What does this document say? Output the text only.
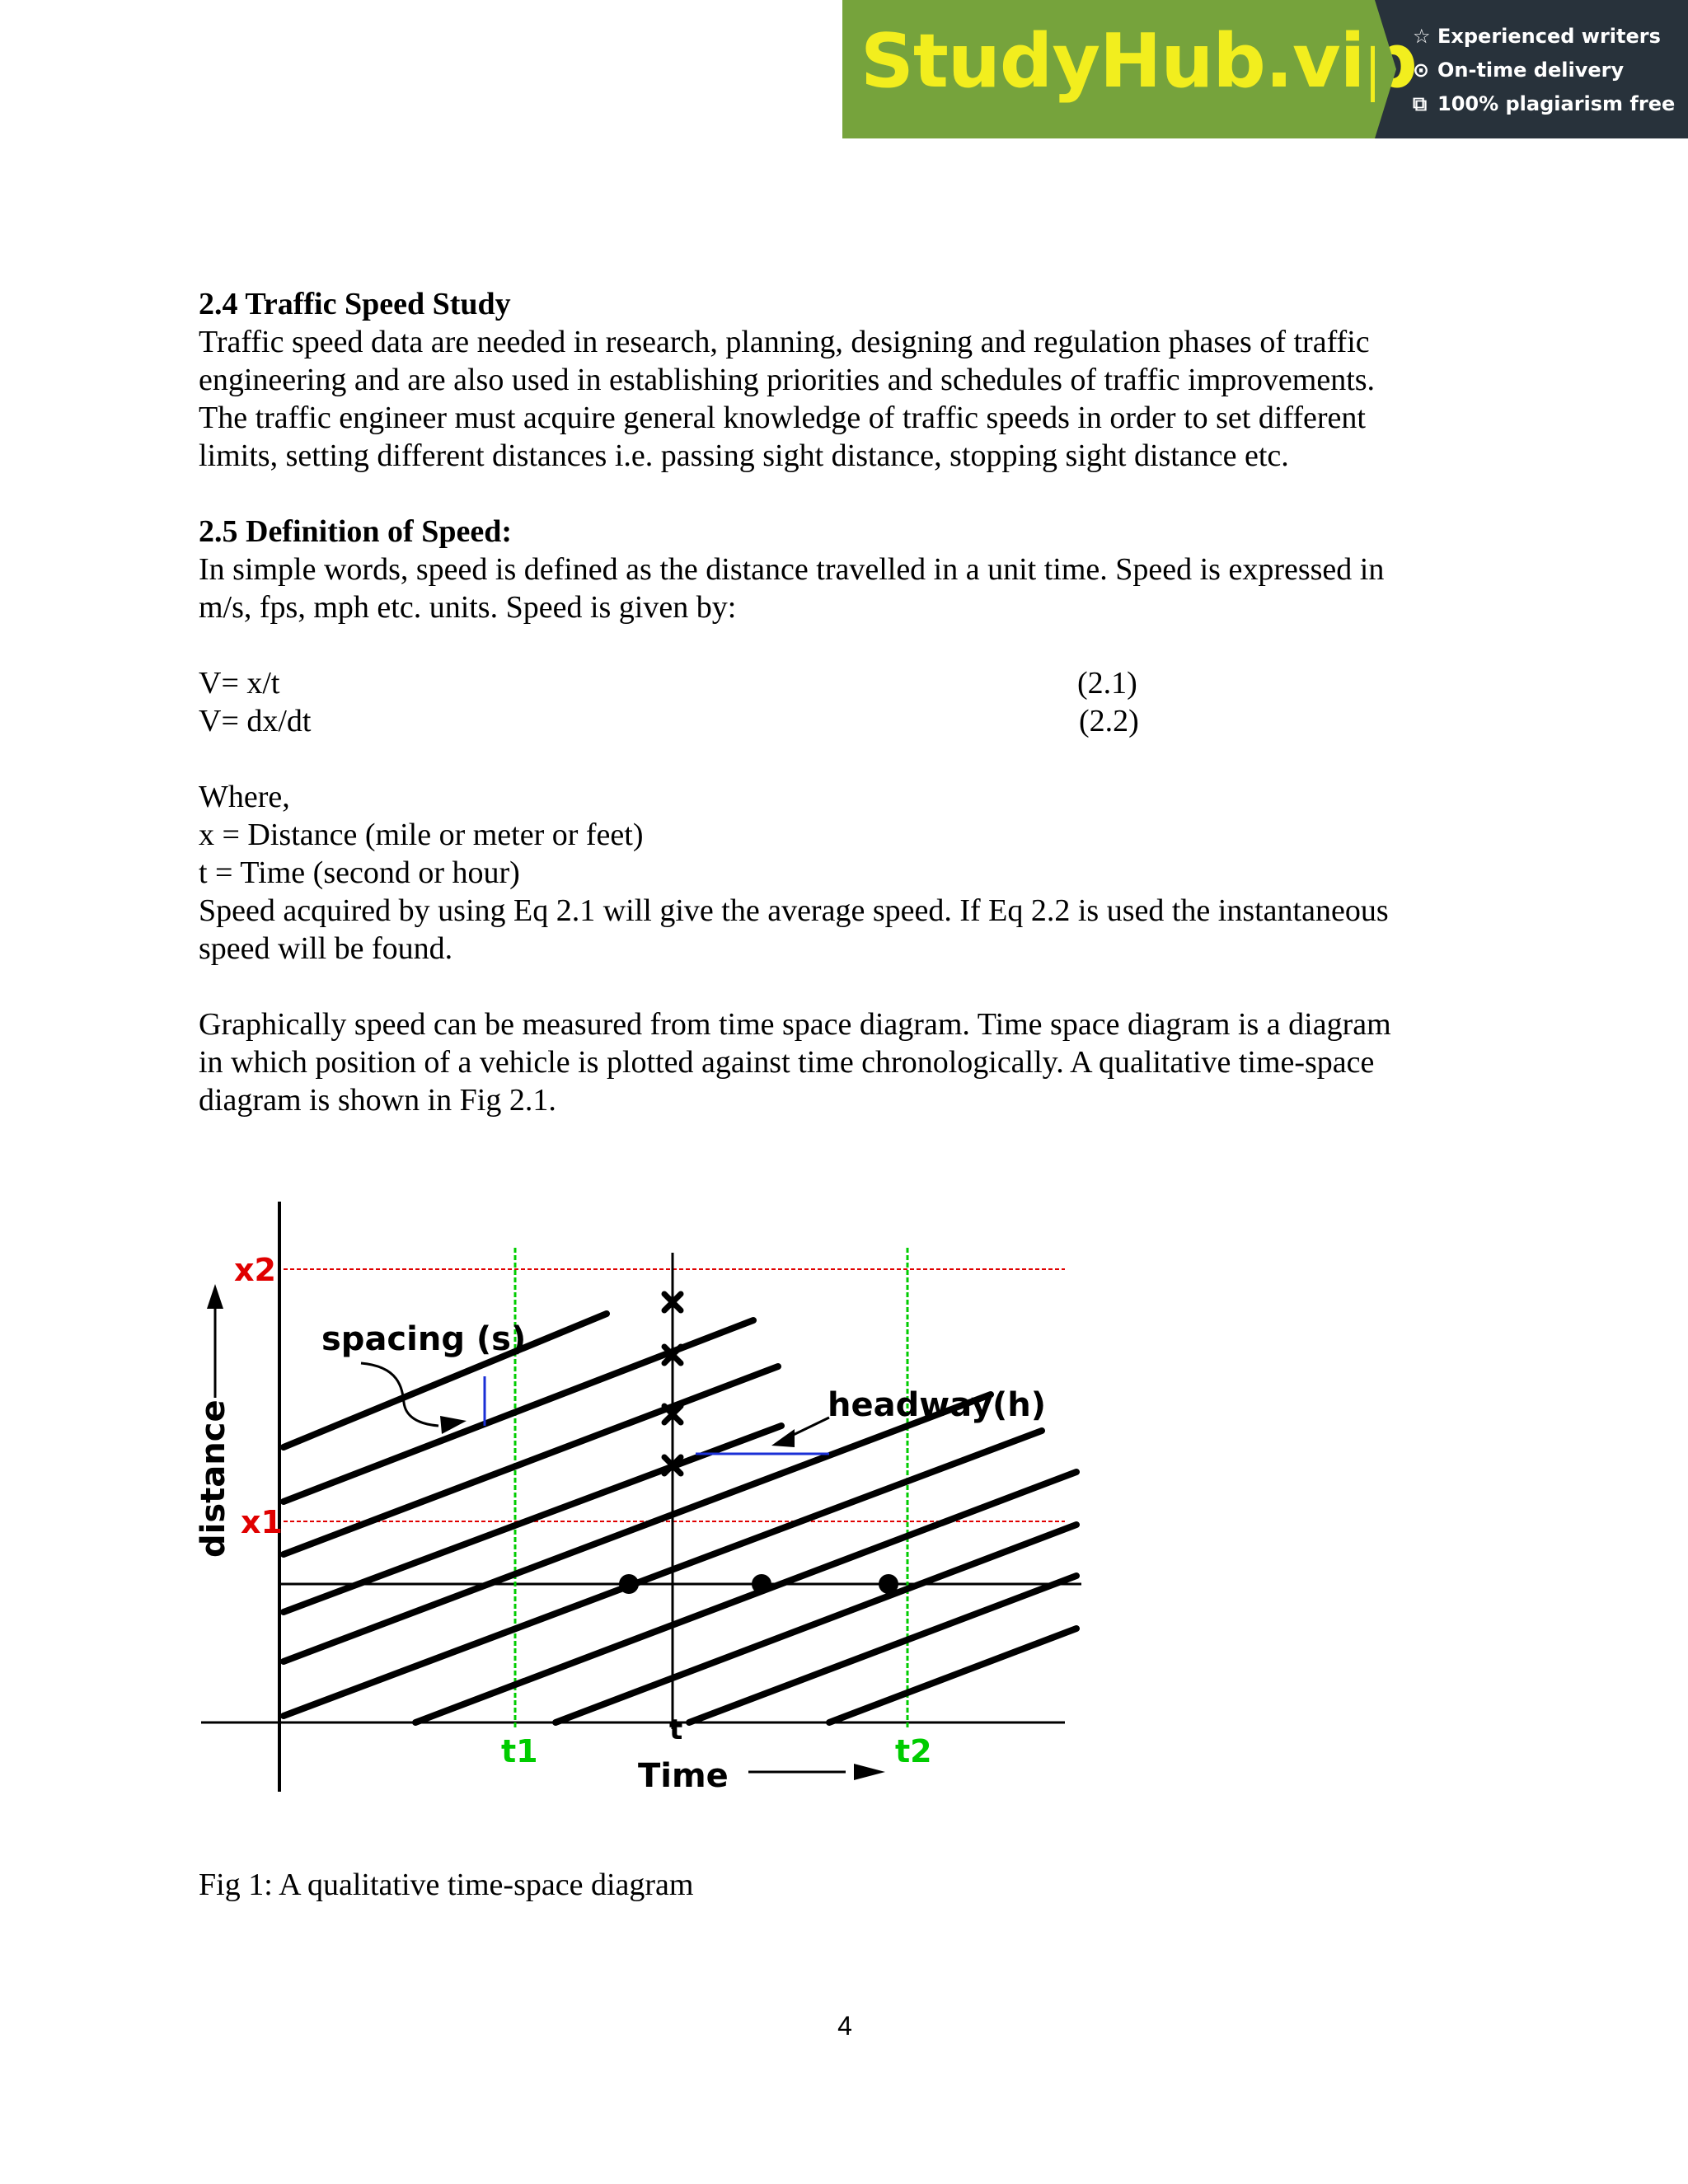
StudyHub.vip
☆ Experienced writers
⊙ On-time delivery
⧉ 100% plagiarism free

2.4 Traffic Speed Study

Traffic speed data are needed in research, planning, designing and regulation phases of traffic

engineering and are also used in establishing priorities and schedules of traffic improvements.

The traffic engineer must acquire general knowledge of traffic speeds in order to set different

limits, setting different distances i.e. passing sight distance, stopping sight distance etc.

2.5 Definition of Speed:

In simple words, speed is defined as the distance travelled in a unit time. Speed is expressed in

m/s, fps, mph etc. units. Speed is given by:

V= x/t	(2.1)
V= dx/dt	(2.2)

Where,

x = Distance (mile or meter or feet)

t = Time (second or hour)

Speed acquired by using Eq 2.1 will give the average speed. If Eq 2.2 is used the instantaneous

speed will be found.

Graphically speed can be measured from time space diagram. Time space diagram is a diagram

in which position of a vehicle is plotted against time chronologically. A qualitative time-space

diagram is shown in Fig 2.1.

x2
x1
spacing (s)
headway(h)
distance
t1
t
t2
Time

Fig 1: A qualitative time-space diagram

4
